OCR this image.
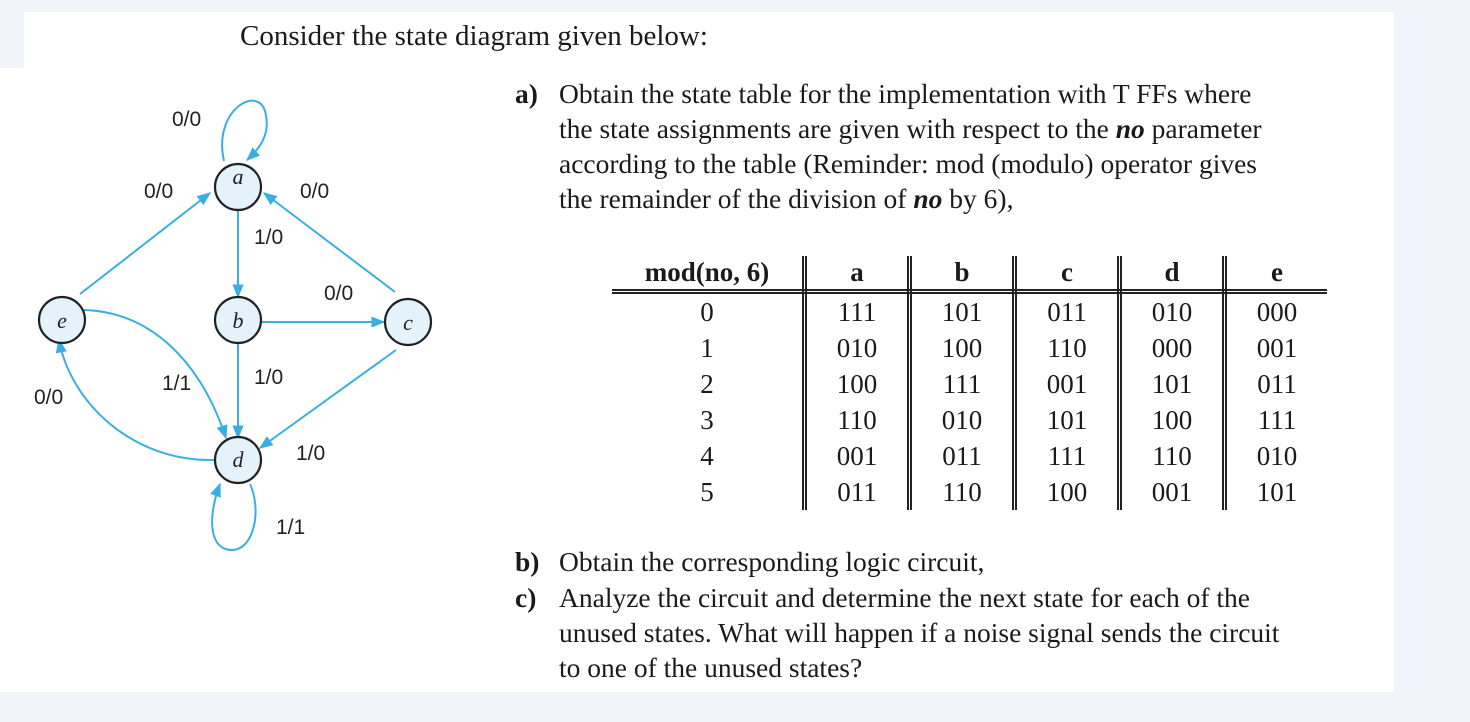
Consider the state diagram given below:
a
b	c
d
e
0/0
0/0	0/0
1/0
0/0
1/0
1/1
0/0
1/0
1/1
a) Obtain the state table for the implementation with T FFs where
the state assignments are given with respect to the no parameter
according to the table (Reminder: mod (modulo) operator gives
the remainder of the division of no by 6),
mod(no, 6)	a	b	c	d	e
0	111	101	011	010	000
1	010	100	110	000	001
2	100	111	001	101	011
3	110	010	101	100	111
4	001	011	111	110	010
5	011	110	100	001	101
b) Obtain the corresponding logic circuit,
c) Analyze the circuit and determine the next state for each of the
unused states. What will happen if a noise signal sends the circuit
to one of the unused states?
